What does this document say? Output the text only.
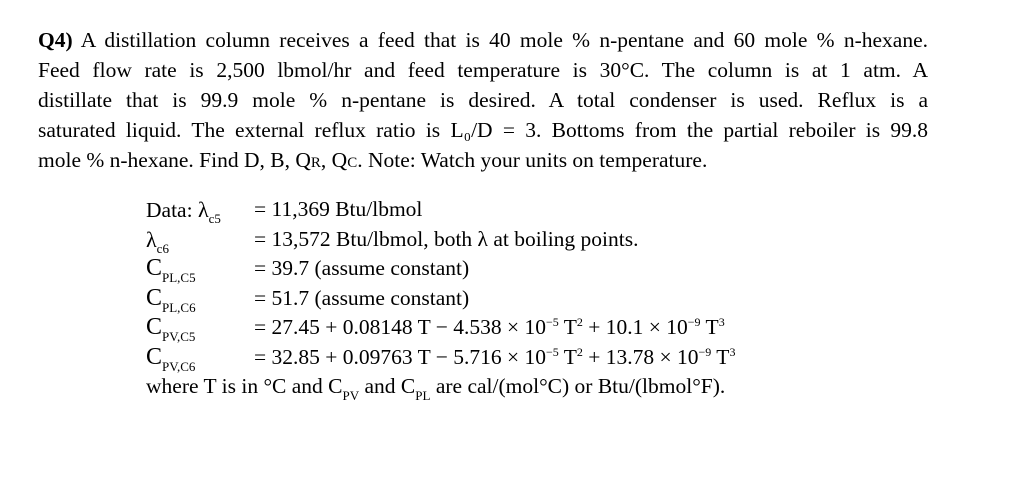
Q4) A distillation column receives a feed that is 40 mole % n-pentane and 60 mole % n-hexane.
Feed flow rate is 2,500 lbmol/hr and feed temperature is 30°C. The column is at 1 atm. A
distillate that is 99.9 mole % n-pentane is desired. A total condenser is used. Reflux is a
saturated liquid. The external reflux ratio is L₀/D = 3. Bottoms from the partial reboiler is 99.8
mole % n-hexane. Find D, B, QR, QC. Note: Watch your units on temperature.
Data: $\lambda_{c5} = 11,369$ Btu/lbmol
$\lambda_{c6}$	= 13,572 Btu/lbmol, both λ at boiling points.
$C_{PL,C5}$	= 39.7 (assume constant)
$C_{PL,C6}$	= 51.7 (assume constant)
$C_{PV,C5}$	= 27.45 + 0.08148 $T - 4.538 \times 10^{-5}$ $T^2 + 10.1 \times 10^{-9}$ $T^3$
$C_{PV,C6}$	= 32.85 + 0.09763 $T - 5.716 \times 10^{-5}$ $T^2 + 13.78 \times 10^{-9}$ $T^3$
where T is in °C and $C_{PV}$ and $C_{PL}$ are cal/(mol°C) or Btu/(lbmol°F).
